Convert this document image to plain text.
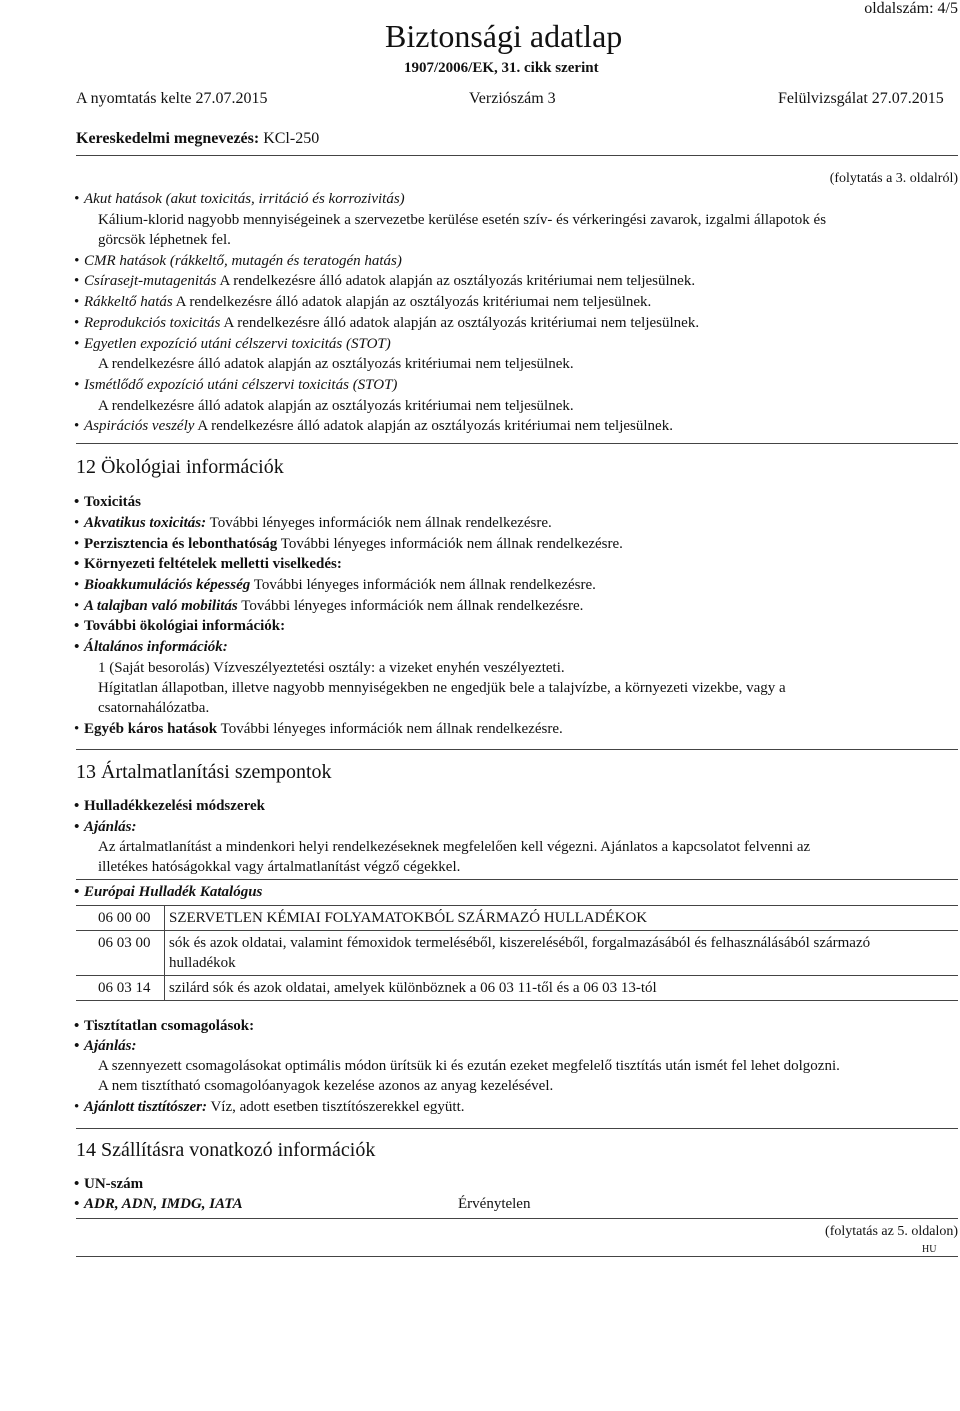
oldalszám: 4/5
Biztonsági adatlap
1907/2006/EK, 31. cikk szerint
A nyomtatás kelte 27.07.2015	Verziószám 3	Felülvizsgálat 27.07.2015
Kereskedelmi megnevezés: KCl-250
(folytatás a 3. oldalról)
• Akut hatások (akut toxicitás, irritáció és korrozivitás)
Kálium-klorid nagyobb mennyiségeinek a szervezetbe kerülése esetén szív- és vérkeringési zavarok, izgalmi állapotok és
görcsök léphetnek fel.
• CMR hatások (rákkeltő, mutagén és teratogén hatás)
• Csírasejt-mutagenitás A rendelkezésre álló adatok alapján az osztályozás kritériumai nem teljesülnek.
• Rákkeltő hatás A rendelkezésre álló adatok alapján az osztályozás kritériumai nem teljesülnek.
• Reprodukciós toxicitás A rendelkezésre álló adatok alapján az osztályozás kritériumai nem teljesülnek.
• Egyetlen expozíció utáni célszervi toxicitás (STOT)
A rendelkezésre álló adatok alapján az osztályozás kritériumai nem teljesülnek.
• Ismétlődő expozíció utáni célszervi toxicitás (STOT)
A rendelkezésre álló adatok alapján az osztályozás kritériumai nem teljesülnek.
• Aspirációs veszély A rendelkezésre álló adatok alapján az osztályozás kritériumai nem teljesülnek.
12 Ökológiai információk
• Toxicitás
• Akvatikus toxicitás: További lényeges információk nem állnak rendelkezésre.
• Perzisztencia és lebonthatóság További lényeges információk nem állnak rendelkezésre.
• Környezeti feltételek melletti viselkedés:
• Bioakkumulációs képesség További lényeges információk nem állnak rendelkezésre.
• A talajban való mobilitás További lényeges információk nem állnak rendelkezésre.
• További ökológiai információk:
• Általános információk:
1 (Saját besorolás) Vízveszélyeztetési osztály: a vizeket enyhén veszélyezteti.
Hígitatlan állapotban, illetve nagyobb mennyiségekben ne engedjük bele a talajvízbe, a környezeti vizekbe, vagy a
csatornahálózatba.
• Egyéb káros hatások További lényeges információk nem állnak rendelkezésre.
13 Ártalmatlanítási szempontok
• Hulladékkezelési módszerek
• Ajánlás:
Az ártalmatlanítást a mindenkori helyi rendelkezéseknek megfelelően kell végezni. Ajánlatos a kapcsolatot felvenni az
illetékes hatóságokkal vagy ártalmatlanítást végző cégekkel.
• Európai Hulladék Katalógus
06 00 00	SZERVETLEN KÉMIAI FOLYAMATOKBÓL SZÁRMAZÓ HULLADÉKOK
06 03 00	sók és azok oldatai, valamint fémoxidok termeléséből, kiszereléséből, forgalmazásából és felhasználásából származó hulladékok
06 03 14	szilárd sók és azok oldatai, amelyek különböznek a 06 03 11-től és a 06 03 13-tól
• Tisztítatlan csomagolások:
• Ajánlás:
A szennyezett csomagolásokat optimális módon ürítsük ki és ezután ezeket megfelelő tisztítás után ismét fel lehet dolgozni.
A nem tisztítható csomagolóanyagok kezelése azonos az anyag kezelésével.
• Ajánlott tisztítószer: Víz, adott esetben tisztítószerekkel együtt.
14 Szállításra vonatkozó információk
• UN-szám
• ADR, ADN, IMDG, IATA	Érvénytelen
(folytatás az 5. oldalon)
HU
